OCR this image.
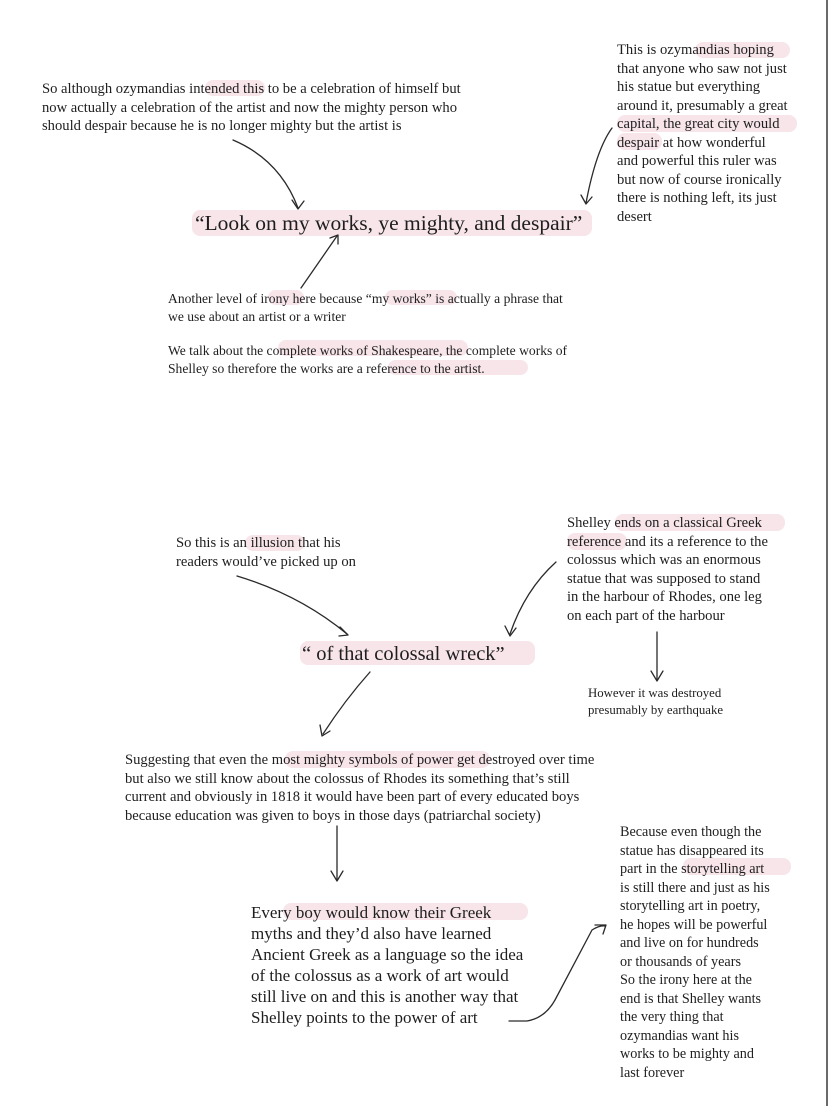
So although ozymandias intended this to be a celebration of himself but
now actually a celebration of the artist and now the mighty person who
should despair because he is no longer mighty but the artist is
This is ozymandias hoping
that anyone who saw not just
his statue but everything
around it, presumably a great
capital, the great city would
despair at how wonderful
and powerful this ruler was
but now of course ironically
there is nothing left, its just
desert
“Look on my works, ye mighty, and despair”
Another level of irony here because “my works” is actually a phrase that
we use about an artist or a writer
We talk about the complete works of Shakespeare, the complete works of
Shelley so therefore the works are a reference to the artist.
So this is an illusion that his
readers would’ve picked up on
Shelley ends on a classical Greek
reference and its a reference to the
colossus which was an enormous
statue that was supposed to stand
in the harbour of Rhodes, one leg
on each part of the harbour
“ of that colossal wreck”
However it was destroyed
presumably by earthquake
Suggesting that even the most mighty symbols of power get destroyed over time
but also we still know about the colossus of Rhodes its something that’s still
current and obviously in 1818 it would have been part of every educated boys
because education was given to boys in those days (patriarchal society)
Because even though the
statue has disappeared its
part in the storytelling art
is still there and just as his
storytelling art in poetry,
he hopes will be powerful
and live on for hundreds
or thousands of years
So the irony here at the
end is that Shelley wants
the very thing that
ozymandias want his
works to be mighty and
last forever
Every boy would know their Greek
myths and they’d also have learned
Ancient Greek as a language so the idea
of the colossus as a work of art would
still live on and this is another way that
Shelley points to the power of art
